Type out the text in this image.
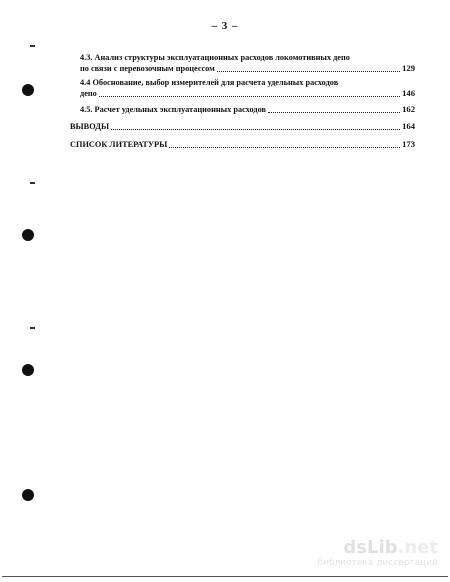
– 3 –
4.3. Анализ структуры эксплуатационных расходов локомотивных депо
по связи с перевозочным процессом	129
4.4 Обоснование, выбор измерителей для расчета удельных расходов
депо	146
4.5. Расчет удельных эксплуатационных расходов	162
ВЫВОДЫ	164
СПИСОК ЛИТЕРАТУРЫ	173
dsLib.net
библиотека диссертаций
